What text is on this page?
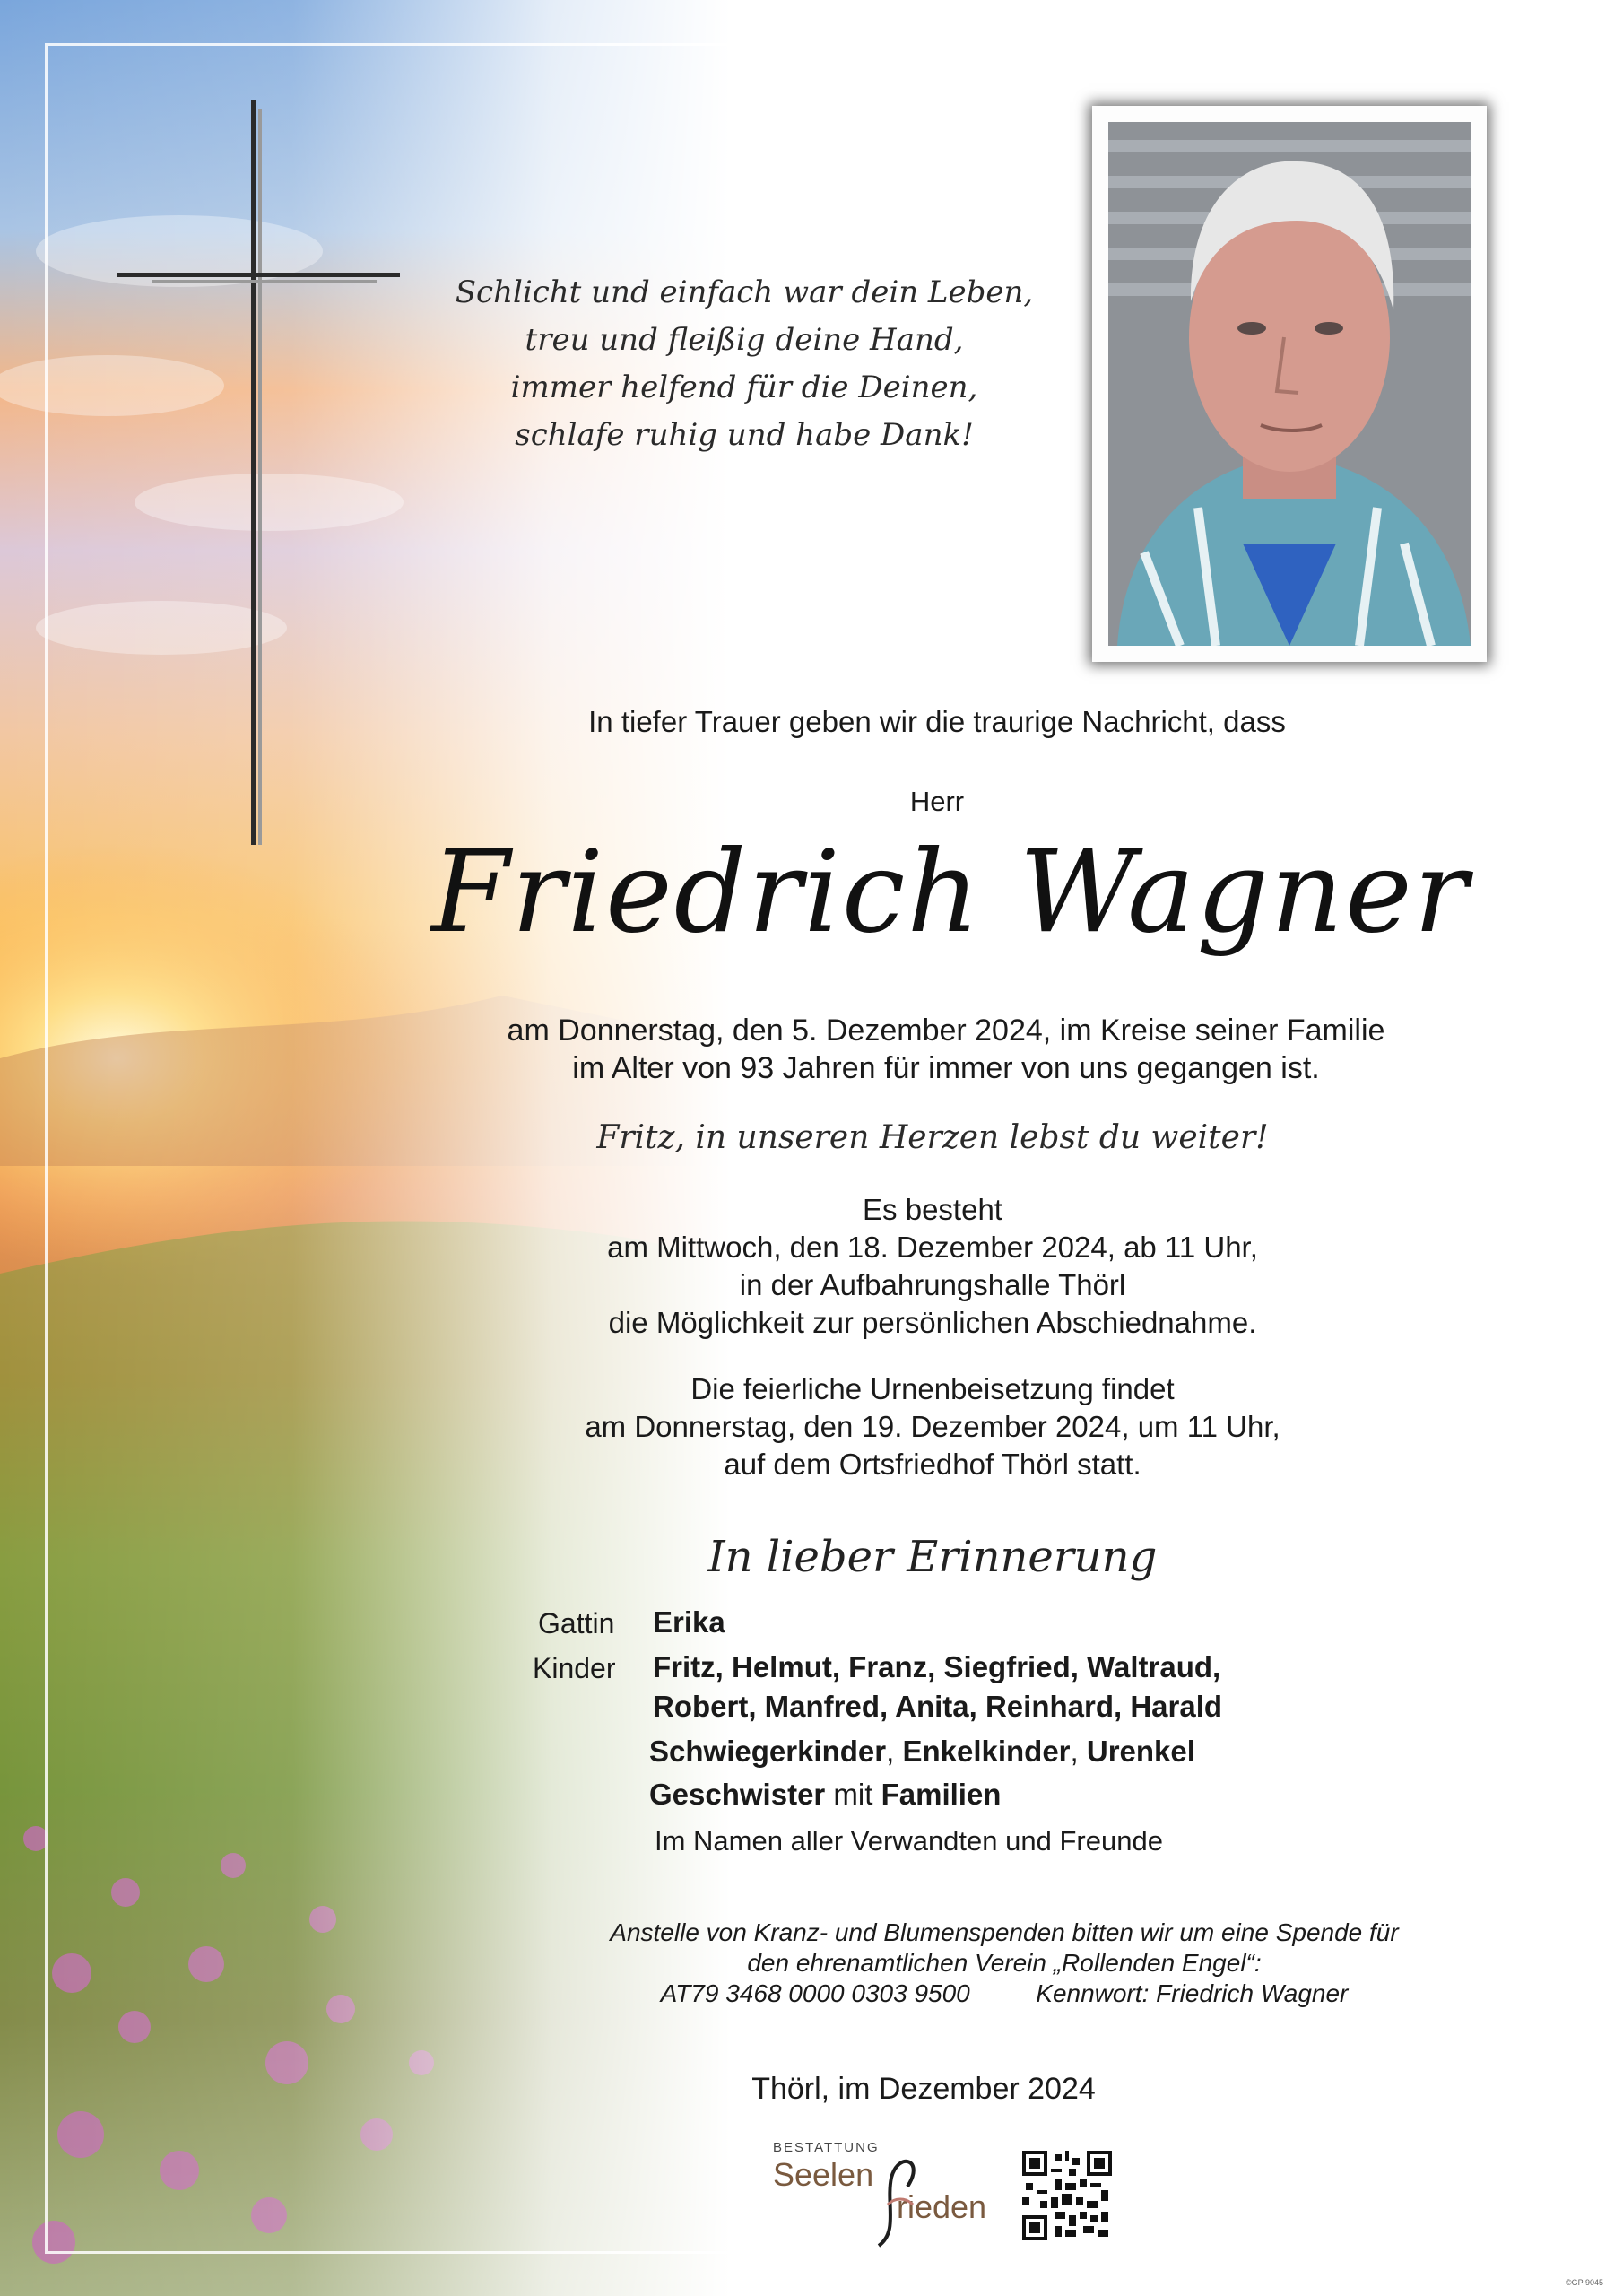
Schlicht und einfach war dein Leben,
treu und fleißig deine Hand,
immer helfend für die Deinen,
schlafe ruhig und habe Dank!
In tiefer Trauer geben wir die traurige Nachricht, dass
Herr
Friedrich Wagner
am Donnerstag, den 5. Dezember 2024, im Kreise seiner Familie
im Alter von 93 Jahren für immer von uns gegangen ist.
Fritz, in unseren Herzen lebst du weiter!
Es besteht
am Mittwoch, den 18. Dezember 2024, ab 11 Uhr,
in der Aufbahrungshalle Thörl
die Möglichkeit zur persönlichen Abschiednahme.
Die feierliche Urnenbeisetzung findet
am Donnerstag, den 19. Dezember 2024, um 11 Uhr,
auf dem Ortsfriedhof Thörl statt.
In lieber Erinnerung
Gattin Erika
Kinder Fritz, Helmut, Franz, Siegfried, Waltraud,
Robert, Manfred, Anita, Reinhard, Harald
Schwiegerkinder, Enkelkinder, Urenkel
Geschwister mit Familien
Im Namen aller Verwandten und Freunde
Anstelle von Kranz- und Blumenspenden bitten wir um eine Spende für
den ehrenamtlichen Verein „Rollenden Engel“:
AT79 3468 0000 0303 9500	Kennwort: Friedrich Wagner
Thörl, im Dezember 2024
BESTATTUNG
Seelen
rieden
©GP 9045
